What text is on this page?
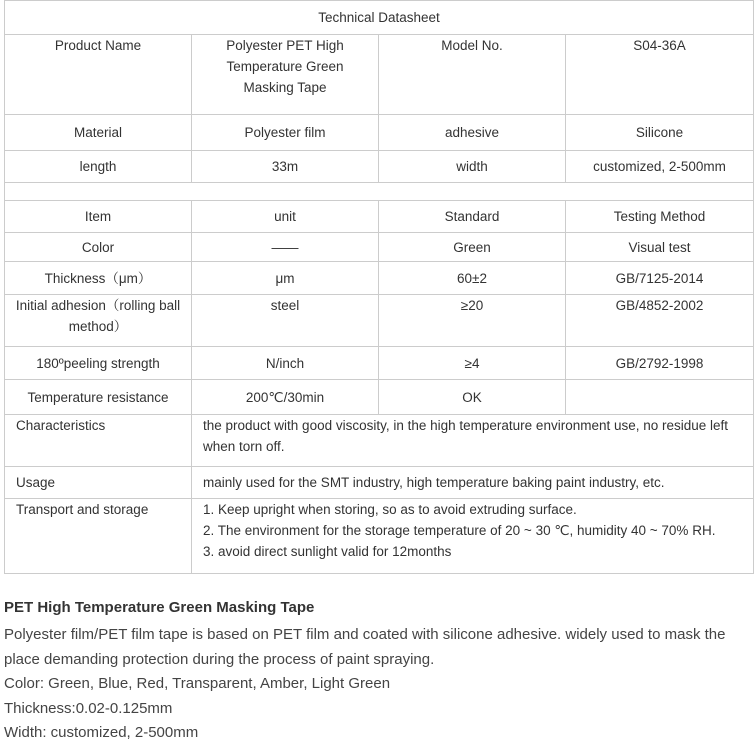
Technical Datasheet			
Product Name	Polyester PET High Temperature Green Masking Tape	Model No.	S04-36A
Material	Polyester film	adhesive	Silicone
length	33m	width	customized, 2-500mm

Item	unit	Standard	Testing Method
Color	——	Green	Visual test
Thickness（μm）	μm	60±2	GB/7125-2014
Initial adhesion（rolling ball method）	steel	≥20	GB/4852-2002
180ºpeeling strength	N/inch	≥4	GB/2792-1998
Temperature resistance	200℃/30min	OK	
Characteristics	the product with good viscosity, in the high temperature environment use, no residue left when torn off.		
Usage	mainly used for the SMT industry, high temperature baking paint industry, etc.		
Transport and storage	1. Keep upright when storing, so as to avoid extruding surface.
2. The environment for the storage temperature of 20 ~ 30 ℃, humidity 40 ~ 70% RH.
3. avoid direct sunlight valid for 12months		
PET High Temperature Green Masking Tape

Polyester film/PET film tape is based on PET film and coated with silicone adhesive. widely used to mask the place demanding protection during the process of paint spraying.

Color: Green, Blue, Red, Transparent, Amber, Light Green

Thickness:0.02-0.125mm

Width: customized, 2-500mm
